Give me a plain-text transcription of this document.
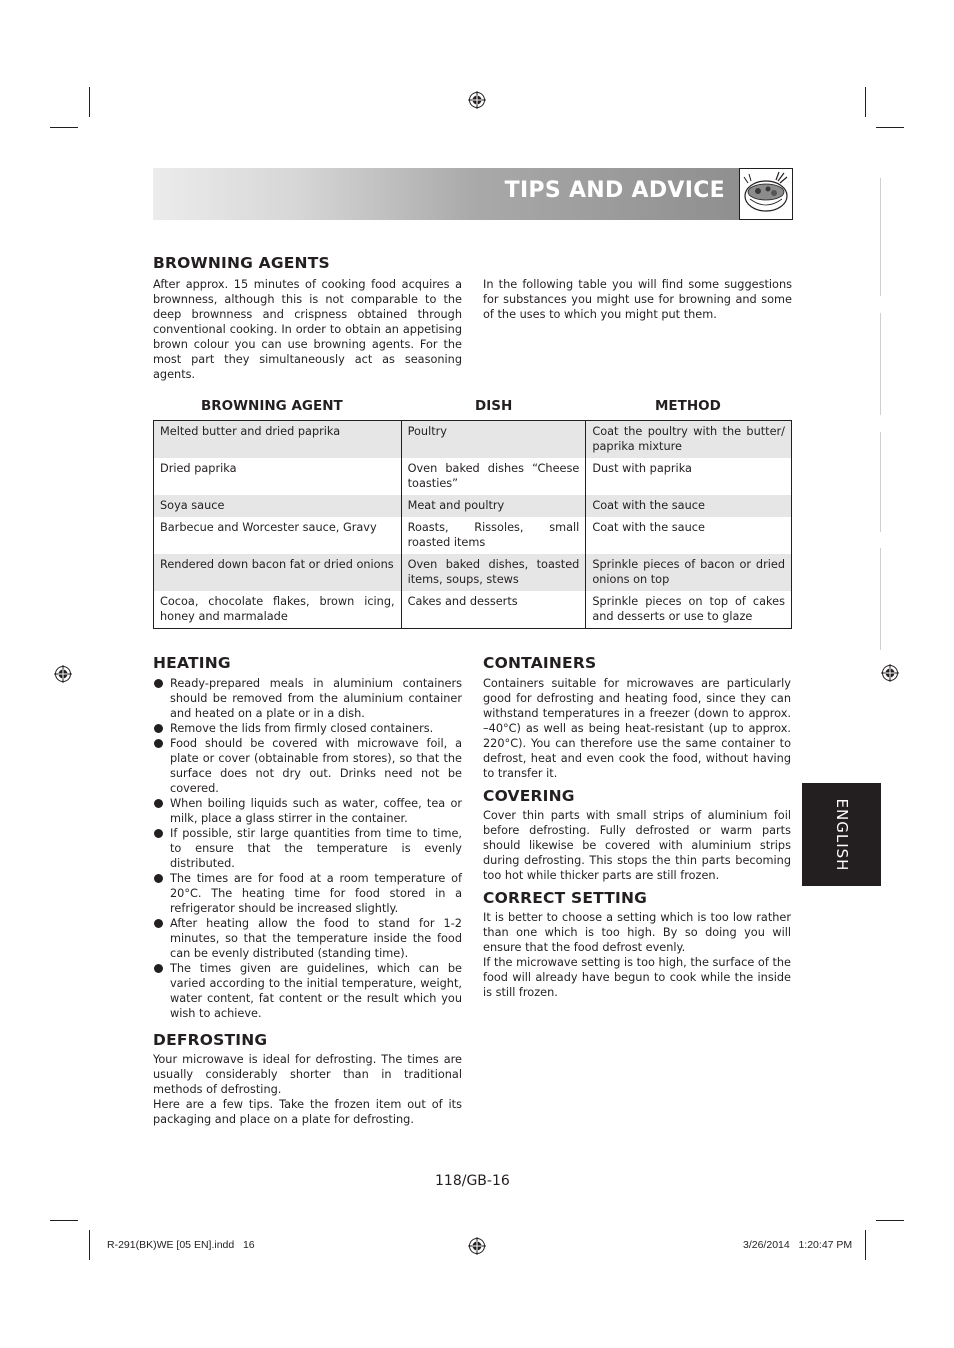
TIPS AND ADVICE
BROWNING AGENTS

After approx. 15 minutes of cooking food acquires a brownness, although this is not comparable to the deep brownness and crispness obtained through conventional cooking. In order to obtain an appetising brown colour you can use browning agents. For the most part they simultaneously act as seasoning agents.

In the following table you will find some suggestions for substances you might use for browning and some of the uses to which you might put them.

BROWNING AGENT	DISH	METHOD
Melted butter and dried paprika	Poultry	Coat the poultry with the butter/ paprika mixture
Dried paprika	Oven baked dishes “Cheese toasties”	Dust with paprika
Soya sauce	Meat and poultry	Coat with the sauce
Barbecue and Worcester sauce, Gravy	Roasts, Rissoles, small roasted items	Coat with the sauce
Rendered down bacon fat or dried onions	Oven baked dishes, toasted items, soups, stews	Sprinkle pieces of bacon or dried onions on top
Cocoa, chocolate flakes, brown icing, honey and marmalade	Cakes and desserts	Sprinkle pieces on top of cakes and desserts or use to glaze
HEATING
Ready-prepared meals in aluminium containers should be removed from the aluminium container and heated on a plate or in a dish.
Remove the lids from firmly closed containers.
Food should be covered with microwave foil, a plate or cover (obtainable from stores), so that the surface does not dry out. Drinks need not be covered.
When boiling liquids such as water, coffee, tea or milk, place a glass stirrer in the container.
If possible, stir large quantities from time to time, to ensure that the temperature is evenly distributed.
The times are for food at a room temperature of 20°C. The heating time for food stored in a refrigerator should be increased slightly.
After heating allow the food to stand for 1-2 minutes, so that the temperature inside the food can be evenly distributed (standing time).
The times given are guidelines, which can be varied according to the initial temperature, weight, water content, fat content or the result which you wish to achieve.
DEFROSTING

Your microwave is ideal for defrosting. The times are usually considerably shorter than in traditional methods of defrosting.

Here are a few tips. Take the frozen item out of its packaging and place on a plate for defrosting.

CONTAINERS

Containers suitable for microwaves are particularly good for defrosting and heating food, since they can withstand temperatures in a freezer (down to approx. –40°C) as well as being heat-resistant (up to approx. 220°C). You can therefore use the same container to defrost, heat and even cook the food, without having to transfer it.

COVERING

Cover thin parts with small strips of aluminium foil before defrosting. Fully defrosted or warm parts should likewise be covered with aluminium strips during defrosting. This stops the thin parts becoming too hot while thicker parts are still frozen.

CORRECT SETTING

It is better to choose a setting which is too low rather than one which is too high. By so doing you will ensure that the food defrost evenly.

If the microwave setting is too high, the surface of the food will already have begun to cook while the inside is still frozen.

ENGLISH
118/GB-16
R-291(BK)WE [05 EN].indd   16	3/26/2014   1:20:47 PM
